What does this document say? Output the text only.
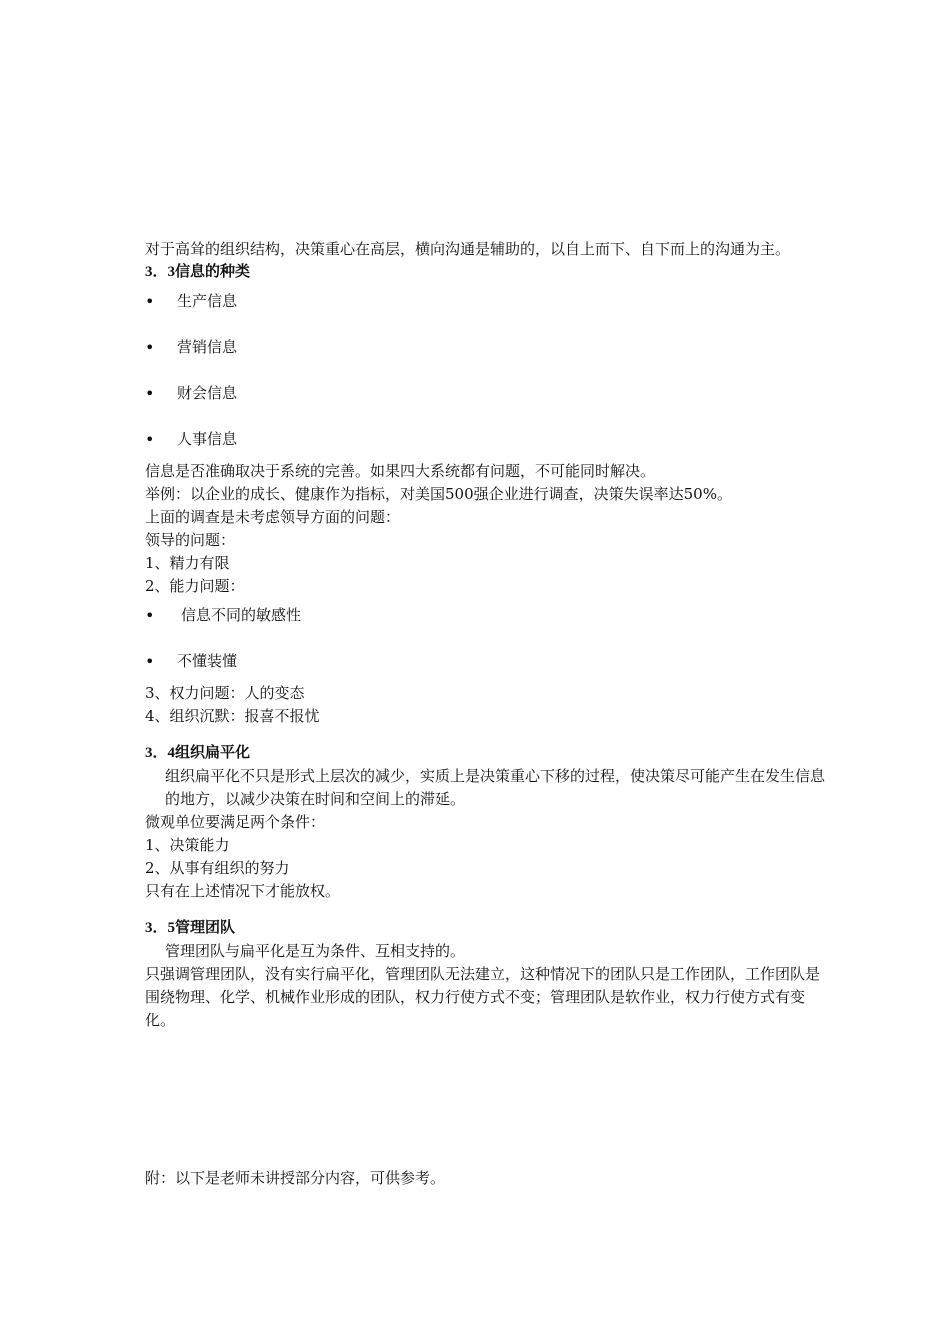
对于高耸的组织结构，决策重心在高层，横向沟通是辅助的，以自上而下、自下而上的沟通为主。

3．3信息的种类

•	生产信息
•	营销信息
•	财会信息
•	人事信息

信息是否准确取决于系统的完善。如果四大系统都有问题，不可能同时解决。

举例：以企业的成长、健康作为指标，对美国500强企业进行调查，决策失误率达50%。

上面的调查是未考虑领导方面的问题：

领导的问题：

1、精力有限

2、能力问题：

•	信息不同的敏感性
•	不懂装懂

3、权力问题：人的变态

4、组织沉默：报喜不报忧

3．4组织扁平化

组织扁平化不只是形式上层次的减少，实质上是决策重心下移的过程，使决策尽可能产生在发生信息的地方，以减少决策在时间和空间上的滞延。

微观单位要满足两个条件：

1、决策能力

2、从事有组织的努力

只有在上述情况下才能放权。

3．5管理团队

管理团队与扁平化是互为条件、互相支持的。

只强调管理团队，没有实行扁平化，管理团队无法建立，这种情况下的团队只是工作团队，工作团队是围绕物理、化学、机械作业形成的团队，权力行使方式不变；管理团队是软作业，权力行使方式有变化。

附：以下是老师未讲授部分内容，可供参考。
